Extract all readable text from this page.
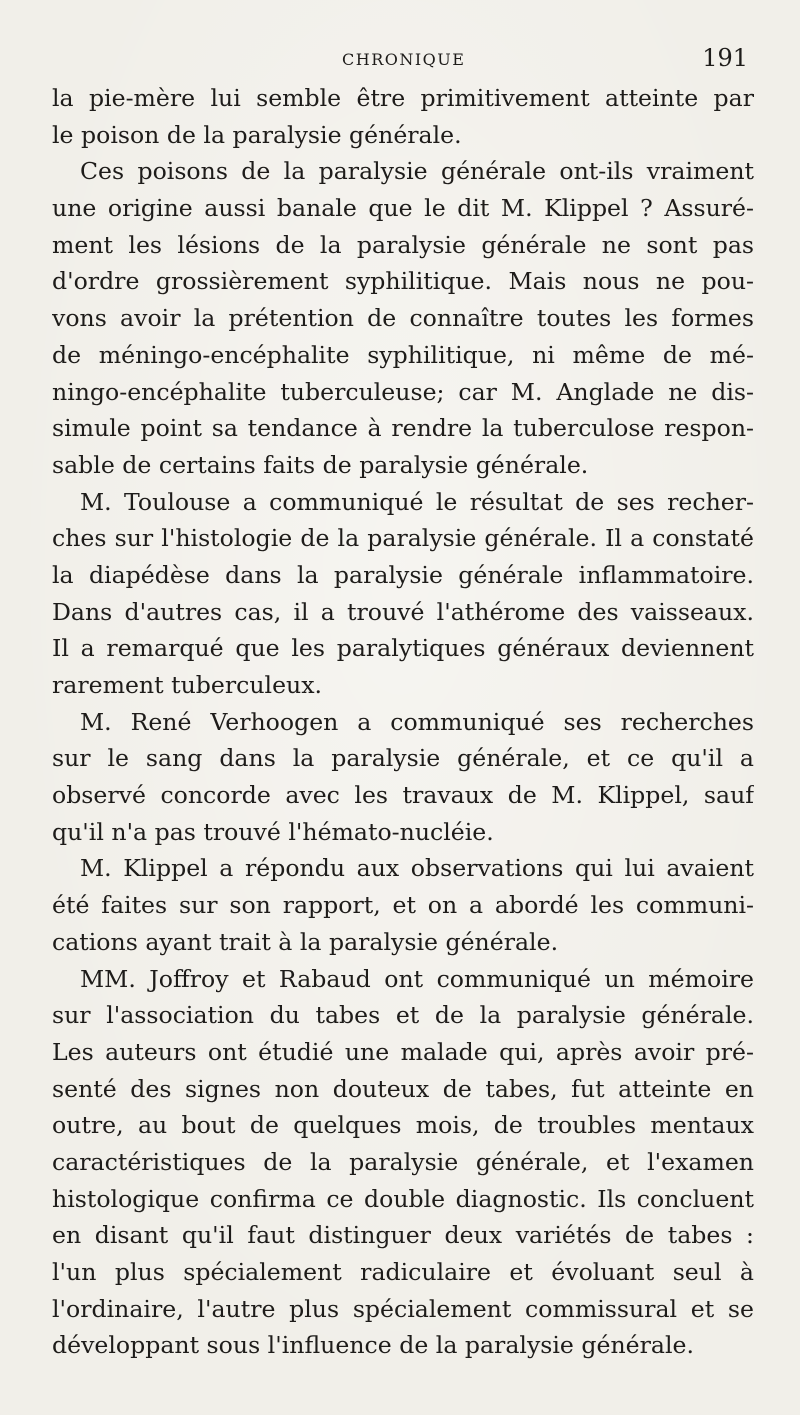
CHRONIQUE	191
la pie-mère lui semble être primitivement atteinte par
le poison de la paralysie générale.
Ces poisons de la paralysie générale ont-ils vraiment
une origine aussi banale que le dit M. Klippel ? Assuré-
ment les lésions de la paralysie générale ne sont pas
d'ordre grossièrement syphilitique. Mais nous ne pou-
vons avoir la prétention de connaître toutes les formes
de méningo-encéphalite syphilitique, ni même de mé-
ningo-encéphalite tuberculeuse; car M. Anglade ne dis-
simule point sa tendance à rendre la tuberculose respon-
sable de certains faits de paralysie générale.
M. Toulouse a communiqué le résultat de ses recher-
ches sur l'histologie de la paralysie générale. Il a constaté
la diapédèse dans la paralysie générale inflammatoire.
Dans d'autres cas, il a trouvé l'athérome des vaisseaux.
Il a remarqué que les paralytiques généraux deviennent
rarement tuberculeux.
M. René Verhoogen a communiqué ses recherches
sur le sang dans la paralysie générale, et ce qu'il a
observé concorde avec les travaux de M. Klippel, sauf
qu'il n'a pas trouvé l'hémato-nucléie.
M. Klippel a répondu aux observations qui lui avaient
été faites sur son rapport, et on a abordé les communi-
cations ayant trait à la paralysie générale.
MM. Joffroy et Rabaud ont communiqué un mémoire
sur l'association du tabes et de la paralysie générale.
Les auteurs ont étudié une malade qui, après avoir pré-
senté des signes non douteux de tabes, fut atteinte en
outre, au bout de quelques mois, de troubles mentaux
caractéristiques de la paralysie générale, et l'examen
histologique confirma ce double diagnostic. Ils concluent
en disant qu'il faut distinguer deux variétés de tabes :
l'un plus spécialement radiculaire et évoluant seul à
l'ordinaire, l'autre plus spécialement commissural et se
développant sous l'influence de la paralysie générale.
